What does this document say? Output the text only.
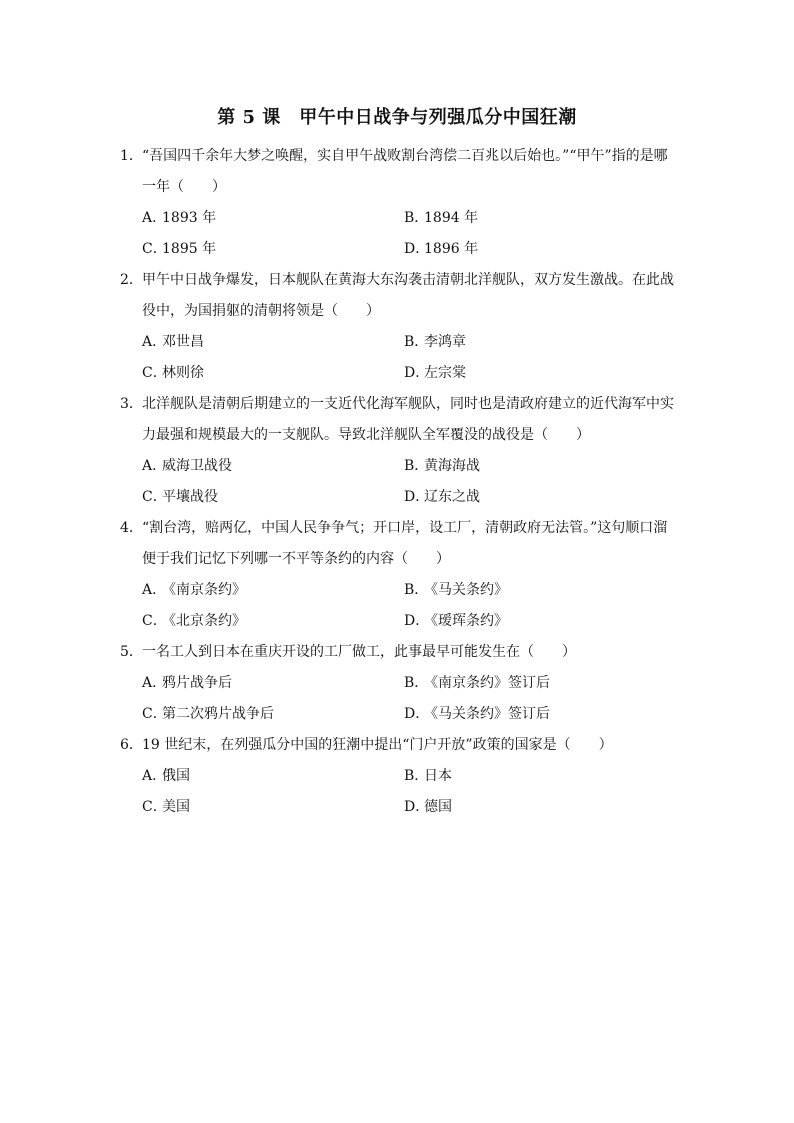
第 5 课　甲午中日战争与列强瓜分中国狂潮
1．“吾国四千余年大梦之唤醒，实自甲午战败割台湾偿二百兆以后始也。”“甲午”指的是哪一年（　　）
A．1893 年	B．1894 年
C．1895 年	D．1896 年
2．甲午中日战争爆发，日本舰队在黄海大东沟袭击清朝北洋舰队，双方发生激战。在此战役中，为国捐躯的清朝将领是（　　）
A．邓世昌	B．李鸿章
C．林则徐	D．左宗棠
3．北洋舰队是清朝后期建立的一支近代化海军舰队，同时也是清政府建立的近代海军中实力最强和规模最大的一支舰队。导致北洋舰队全军覆没的战役是（　　）
A．威海卫战役	B．黄海海战
C．平壤战役	D．辽东之战
4．“割台湾，赔两亿，中国人民争争气；开口岸，设工厂，清朝政府无法管。”这句顺口溜便于我们记忆下列哪一不平等条约的内容（　　）
A．《南京条约》	B．《马关条约》
C．《北京条约》	D．《瑷珲条约》
5．一名工人到日本在重庆开设的工厂做工，此事最早可能发生在（　　）
A．鸦片战争后	B．《南京条约》签订后
C．第二次鸦片战争后	D．《马关条约》签订后
6．19 世纪末，在列强瓜分中国的狂潮中提出“门户开放”政策的国家是（　　）
A．俄国	B．日本
C．美国	D．德国
